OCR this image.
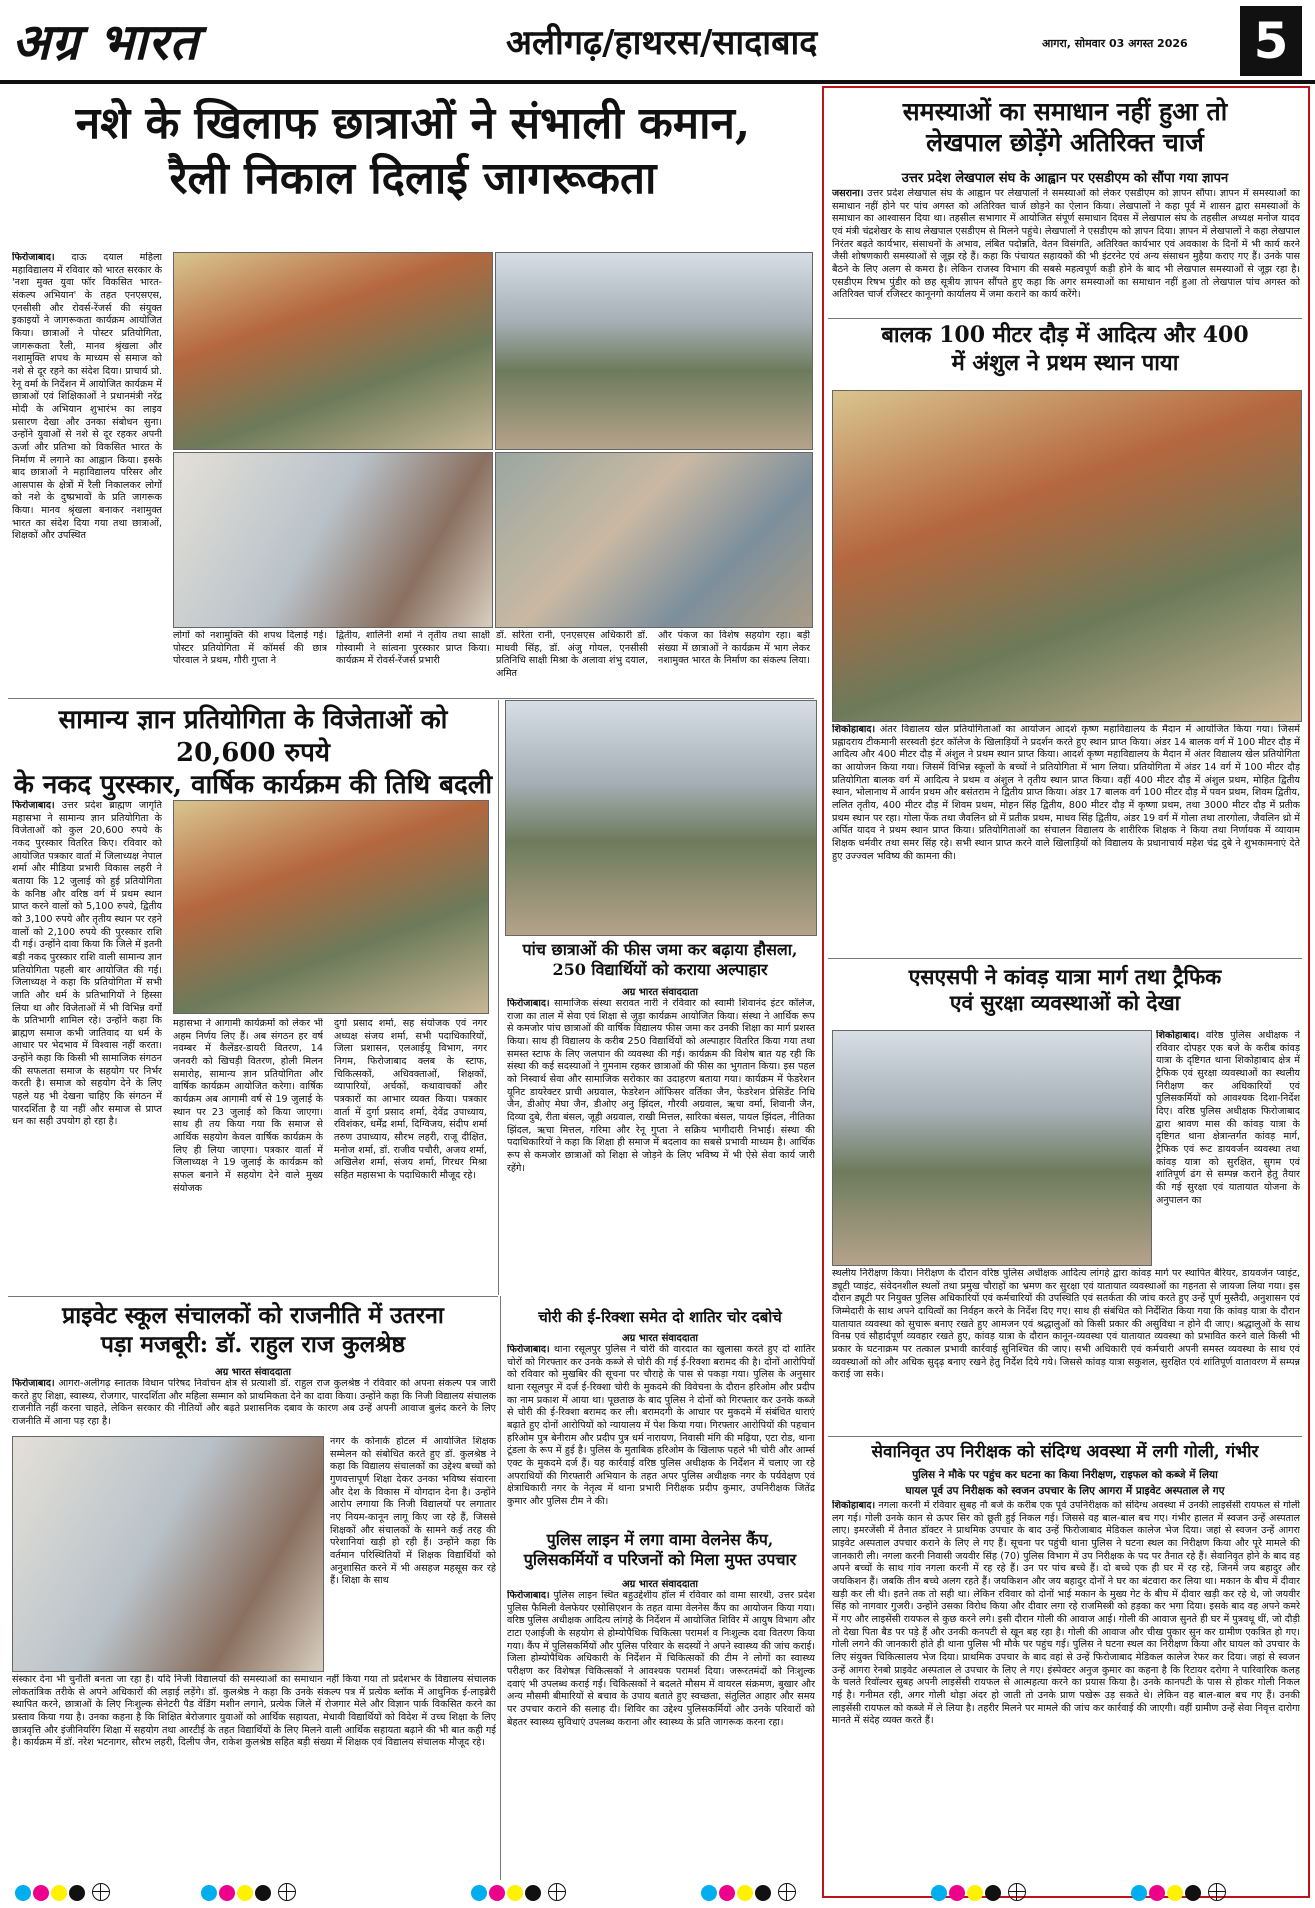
अग्र भारत	अलीगढ़/हाथरस/सादाबाद	आगरा, सोमवार 03 अगस्त 2026 5
नशे के खिलाफ छात्राओं ने संभाली कमान,
रैली निकाल दिलाई जागरूकता
फिरोजाबाद। दाऊ दयाल महिला महाविद्यालय में रविवार को भारत सरकार के 'नशा मुक्त युवा फॉर विकसित भारत-संकल्प अभियान' के तहत एनएसएस, एनसीसी और रोवर्स-रेंजर्स की संयुक्त इकाइयों ने जागरूकता कार्यक्रम आयोजित किया। छात्राओं ने पोस्टर प्रतियोगिता, जागरूकता रैली, मानव श्रृंखला और नशामुक्ति शपथ के माध्यम से समाज को नशे से दूर रहने का संदेश दिया। प्राचार्य प्रो. रेनू वर्मा के निर्देशन में आयोजित कार्यक्रम में छात्राओं एवं शिक्षिकाओं ने प्रधानमंत्री नरेंद्र मोदी के अभियान शुभारंभ का लाइव प्रसारण देखा और उनका संबोधन सुना। उन्होंने युवाओं से नशे से दूर रहकर अपनी ऊर्जा और प्रतिभा को विकसित भारत के निर्माण में लगाने का आह्वान किया। इसके बाद छात्राओं ने महाविद्यालय परिसर और आसपास के क्षेत्रों में रैली निकालकर लोगों को नशे के दुष्प्रभावों के प्रति जागरूक किया। मानव श्रृंखला बनाकर नशामुक्त भारत का संदेश दिया गया तथा छात्राओं, शिक्षकों और उपस्थित
लोगों को नशामुक्ति की शपथ दिलाई गई। पोस्टर प्रतियोगिता में कॉमर्स की छात्र पोरवाल ने प्रथम, गौरी गुप्ता ने
द्वितीय, शालिनी शर्मा ने तृतीय तथा साक्षी गोस्वामी ने सांत्वना पुरस्कार प्राप्त किया। कार्यक्रम में रोवर्स-रेंजर्स प्रभारी
डॉ. सरिता रानी, एनएसएस अधिकारी डॉ. माधवी सिंह, डॉ. अंजु गोयल, एनसीसी प्रतिनिधि साक्षी मिश्रा के अलावा शंभु दयाल, अमित
और पंकज का विशेष सहयोग रहा। बड़ी संख्या में छात्राओं ने कार्यक्रम में भाग लेकर नशामुक्त भारत के निर्माण का संकल्प लिया।
सामान्य ज्ञान प्रतियोगिता के विजेताओं को 20,600 रुपये
के नकद पुरस्कार, वार्षिक कार्यक्रम की तिथि बदली
फिरोजाबाद। उत्तर प्रदेश ब्राह्मण जागृति महासभा ने सामान्य ज्ञान प्रतियोगिता के विजेताओं को कुल 20,600 रुपये के नकद पुरस्कार वितरित किए। रविवार को आयोजित पत्रकार वार्ता में जिलाध्यक्ष नेपाल शर्मा और मीडिया प्रभारी विकास लहरी ने बताया कि 12 जुलाई को हुई प्रतियोगिता के कनिष्ठ और वरिष्ठ वर्ग में प्रथम स्थान प्राप्त करने वालों को 5,100 रुपये, द्वितीय को 3,100 रुपये और तृतीय स्थान पर रहने वालों को 2,100 रुपये की पुरस्कार राशि दी गई। उन्होंने दावा किया कि जिले में इतनी बड़ी नकद पुरस्कार राशि वाली सामान्य ज्ञान प्रतियोगिता पहली बार आयोजित की गई। जिलाध्यक्ष ने कहा कि प्रतियोगिता में सभी जाति और धर्म के प्रतिभागियों ने हिस्सा लिया था और विजेताओं में भी विभिन्न वर्गों के प्रतिभागी शामिल रहे। उन्होंने कहा कि ब्राह्मण समाज कभी जातिवाद या धर्म के आधार पर भेदभाव में विश्वास नहीं करता। उन्होंने कहा कि किसी भी सामाजिक संगठन की सफलता समाज के सहयोग पर निर्भर करती है। समाज को सहयोग देने के लिए पहले यह भी देखना चाहिए कि संगठन में पारदर्शिता है या नहीं और समाज से प्राप्त धन का सही उपयोग हो रहा है।
महासभा ने आगामी कार्यक्रमों को लेकर भी अहम निर्णय लिए हैं। अब संगठन हर वर्ष नवम्बर में कैलेंडर-डायरी वितरण, 14 जनवरी को खिचड़ी वितरण, होली मिलन समारोह, सामान्य ज्ञान प्रतियोगिता और वार्षिक कार्यक्रम आयोजित करेगा। वार्षिक कार्यक्रम अब आगामी वर्ष से 19 जुलाई के स्थान पर 23 जुलाई को किया जाएगा। साथ ही तय किया गया कि समाज से आर्थिक सहयोग केवल वार्षिक कार्यक्रम के लिए ही लिया जाएगा। पत्रकार वार्ता में जिलाध्यक्ष ने 19 जुलाई के कार्यक्रम को सफल बनाने में सहयोग देने वाले मुख्य संयोजक
दुर्गा प्रसाद शर्मा, सह संयोजक एवं नगर अध्यक्ष संजय शर्मा, सभी पदाधिकारियों, जिला प्रशासन, एलआईयू विभाग, नगर निगम, फिरोजाबाद क्लब के स्टाफ, चिकित्सकों, अधिवक्ताओं, शिक्षकों, व्यापारियों, अर्चकों, कथावाचकों और पत्रकारों का आभार व्यक्त किया। पत्रकार वार्ता में दुर्गा प्रसाद शर्मा, देवेंद्र उपाध्याय, रविशंकर, धर्मेंद्र शर्मा, दिग्विजय, संदीप शर्मा तरुण उपाध्याय, सौरभ लहरी, राजू दीक्षित, मनोज शर्मा, डॉ. राजीव पचौरी, अजय शर्मा, अखिलेश शर्मा, संजय शर्मा, गिरधर मिश्रा सहित महासभा के पदाधिकारी मौजूद रहे।
पांच छात्राओं की फीस जमा कर बढ़ाया हौसला,
250 विद्यार्थियों को कराया अल्पाहार
अग्र भारत संवाददाता
फिरोजाबाद। सामाजिक संस्था सरावत नारी ने रविवार को स्वामी शिवानंद इंटर कॉलेज, राजा का ताल में सेवा एवं शिक्षा से जुड़ा कार्यक्रम आयोजित किया। संस्था ने आर्थिक रूप से कमजोर पांच छात्राओं की वार्षिक विद्यालय फीस जमा कर उनकी शिक्षा का मार्ग प्रशस्त किया। साथ ही विद्यालय के करीब 250 विद्यार्थियों को अल्पाहार वितरित किया गया तथा समस्त स्टाफ के लिए जलपान की व्यवस्था की गई। कार्यक्रम की विशेष बात यह रही कि संस्था की कई सदस्याओं ने गुमनाम रहकर छात्राओं की फीस का भुगतान किया। इस पहल को निस्वार्थ सेवा और सामाजिक सरोकार का उदाहरण बताया गया। कार्यक्रम में फेडरेशन यूनिट डायरेक्टर प्राची अग्रवाल, फेडरेशन ऑफिसर वर्तिका जैन, फेडरेशन प्रेसिडेंट निधि जैन, डीओए मेघा जैन, डीओए अनु झिंदल, गौरवी अग्रवाल, ऋचा वर्मा, शिवानी जैन, दिव्या दुबे, रीता बंसल, जूही अग्रवाल, राखी मित्तल, सारिका बंसल, पायल झिंदल, नीतिका झिंदल, ऋचा मित्तल, गरिमा और रेनू गुप्ता ने सक्रिय भागीदारी निभाई। संस्था की पदाधिकारियों ने कहा कि शिक्षा ही समाज में बदलाव का सबसे प्रभावी माध्यम है। आर्थिक रूप से कमजोर छात्राओं को शिक्षा से जोड़ने के लिए भविष्य में भी ऐसे सेवा कार्य जारी रहेंगे।
चोरी की ई-रिक्शा समेत दो शातिर चोर दबोचे
अग्र भारत संवाददाता
फिरोजाबाद। थाना रसूलपुर पुलिस ने चोरी की वारदात का खुलासा करते हुए दो शातिर चोरों को गिरफ्तार कर उनके कब्जे से चोरी की गई ई-रिक्शा बरामद की है। दोनों आरोपियों को रविवार को मुखबिर की सूचना पर चौराहे के पास से पकड़ा गया। पुलिस के अनुसार थाना रसूलपुर में दर्ज ई-रिक्शा चोरी के मुकदमे की विवेचना के दौरान हरिओम और प्रदीप का नाम प्रकाश में आया था। पूछताछ के बाद पुलिस ने दोनों को गिरफ्तार कर उनके कब्जे से चोरी की ई-रिक्शा बरामद कर ली। बरामदगी के आधार पर मुकदमे में संबंधित धाराएं बढ़ाते हुए दोनों आरोपियों को न्यायालय में पेश किया गया। गिरफ्तार आरोपियों की पहचान हरिओम पुत्र बेनीराम और प्रदीप पुत्र धर्म नारायण, निवासी मंगि की मढ़िया, एटा रोड, थाना टूंडला के रूप में हुई है। पुलिस के मुताबिक हरिओम के खिलाफ पहले भी चोरी और आर्म्स एक्ट के मुकदमे दर्ज हैं। यह कार्रवाई वरिष्ठ पुलिस अधीक्षक के निर्देशन में चलाए जा रहे अपराधियों की गिरफ्तारी अभियान के तहत अपर पुलिस अधीक्षक नगर के पर्यवेक्षण एवं क्षेत्राधिकारी नगर के नेतृत्व में थाना प्रभारी निरीक्षक प्रदीप कुमार, उपनिरीक्षक जितेंद्र कुमार और पुलिस टीम ने की।
पुलिस लाइन में लगा वामा वेलनेस कैंप,
पुलिसकर्मियों व परिजनों को मिला मुफ्त उपचार
अग्र भारत संवाददाता
फिरोजाबाद। पुलिस लाइन स्थित बहुउद्देशीय हॉल में रविवार को वामा सारथी, उत्तर प्रदेश पुलिस फैमिली वेलफेयर एसोसिएशन के तहत वामा वेलनेस कैंप का आयोजन किया गया। वरिष्ठ पुलिस अधीक्षक आदित्य लांगहे के निर्देशन में आयोजित शिविर में आयुष विभाग और टाटा एआईजी के सहयोग से होम्योपैथिक चिकित्सा परामर्श व निःशुल्क दवा वितरण किया गया। कैंप में पुलिसकर्मियों और पुलिस परिवार के सदस्यों ने अपने स्वास्थ्य की जांच कराई। जिला होम्योपैथिक अधिकारी के निर्देशन में चिकित्सकों की टीम ने लोगों का स्वास्थ्य परीक्षण कर विशेषज्ञ चिकित्सकों ने आवश्यक परामर्श दिया। जरूरतमंदों को निःशुल्क दवाएं भी उपलब्ध कराई गईं। चिकित्सकों ने बदलते मौसम में वायरल संक्रमण, बुखार और अन्य मौसमी बीमारियों से बचाव के उपाय बताते हुए स्वच्छता, संतुलित आहार और समय पर उपचार कराने की सलाह दी। शिविर का उद्देश्य पुलिसकर्मियों और उनके परिवारों को बेहतर स्वास्थ्य सुविधाएं उपलब्ध कराना और स्वास्थ्य के प्रति जागरूक करना रहा।
प्राइवेट स्कूल संचालकों को राजनीति में उतरना
पड़ा मजबूरी: डॉ. राहुल राज कुलश्रेष्ठ
अग्र भारत संवाददाता
फिरोजाबाद। आगरा-अलीगढ़ स्नातक विधान परिषद निर्वाचन क्षेत्र से प्रत्याशी डॉ. राहुल राज कुलश्रेष्ठ ने रविवार को अपना संकल्प पत्र जारी करते हुए शिक्षा, स्वास्थ्य, रोजगार, पारदर्शिता और महिला सम्मान को प्राथमिकता देने का दावा किया। उन्होंने कहा कि निजी विद्यालय संचालक राजनीति नहीं करना चाहते, लेकिन सरकार की नीतियों और बढ़ते प्रशासनिक दबाव के कारण अब उन्हें अपनी आवाज बुलंद करने के लिए राजनीति में आना पड़ रहा है।
नगर के कोनार्क होटल में आयोजित शिक्षक सम्मेलन को संबोधित करते हुए डॉ. कुलश्रेष्ठ ने कहा कि विद्यालय संचालकों का उद्देश्य बच्चों को गुणवत्तापूर्ण शिक्षा देकर उनका भविष्य संवारना और देश के विकास में योगदान देना है। उन्होंने आरोप लगाया कि निजी विद्यालयों पर लगातार नए नियम-कानून लागू किए जा रहे हैं, जिससे शिक्षकों और संचालकों के सामने कई तरह की परेशानियां खड़ी हो रही हैं। उन्होंने कहा कि वर्तमान परिस्थितियों में शिक्षक विद्यार्थियों को अनुशासित करने में भी असहज महसूस कर रहे हैं। शिक्षा के साथ
संस्कार देना भी चुनौती बनता जा रहा है। यदि निजी विद्यालयों की समस्याओं का समाधान नहीं किया गया तो प्रदेशभर के विद्यालय संचालक लोकतांत्रिक तरीके से अपने अधिकारों की लड़ाई लड़ेंगे। डॉ. कुलश्रेष्ठ ने कहा कि उनके संकल्प पत्र में प्रत्येक ब्लॉक में आधुनिक ई-लाइब्रेरी स्थापित करने, छात्राओं के लिए निःशुल्क सेनेटरी पैड वेंडिंग मशीन लगाने, प्रत्येक जिले में रोजगार मेले और विज्ञान पार्क विकसित करने का प्रस्ताव किया गया है। उनका कहना है कि शिक्षित बेरोजगार युवाओं को आर्थिक सहायता, मेधावी विद्यार्थियों को विदेश में उच्च शिक्षा के लिए छात्रवृत्ति और इंजीनियरिंग शिक्षा में सहयोग तथा आरटीई के तहत विद्यार्थियों के लिए मिलने वाली आर्थिक सहायता बढ़ाने की भी बात कही गई है। कार्यक्रम में डॉ. नरेश भटनागर, सौरभ लहरी, दिलीप जैन, राकेश कुलश्रेष्ठ सहित बड़ी संख्या में शिक्षक एवं विद्यालय संचालक मौजूद रहे।
समस्याओं का समाधान नहीं हुआ तो
लेखपाल छोड़ेंगे अतिरिक्त चार्ज
उत्तर प्रदेश लेखपाल संघ के आह्वान पर एसडीएम को सौंपा गया ज्ञापन
जसराना। उत्तर प्रदेश लेखपाल संघ के आह्वान पर लेखपालों ने समस्याओं को लेकर एसडीएम को ज्ञापन सौंपा। ज्ञापन में समस्याओं का समाधान नहीं होने पर पांच अगस्त को अतिरिक्त चार्ज छोड़ने का ऐलान किया। लेखपालों ने कहा पूर्व में शासन द्वारा समस्याओं के समाधान का आश्वासन दिया था। तहसील सभागार में आयोजित संपूर्ण समाधान दिवस में लेखपाल संघ के तहसील अध्यक्ष मनोज यादव एवं मंत्री चंद्रशेखर के साथ लेखपाल एसडीएम से मिलने पहुंचे। लेखपालों ने एसडीएम को ज्ञापन दिया। ज्ञापन में लेखपालों ने कहा लेखपाल निरंतर बढ़ते कार्यभार, संसाधनों के अभाव, लंबित पदोन्नति, वेतन विसंगति, अतिरिक्त कार्यभार एवं अवकाश के दिनों में भी कार्य करने जैसी शोषणकारी समस्याओं से जूझ रहे हैं। कहा कि पंचायत सहायकों की भी इंटरनेट एवं अन्य संसाधन मुहैया कराए गए हैं। उनके पास बैठने के लिए अलग से कमरा है। लेकिन राजस्व विभाग की सबसे महत्वपूर्ण कड़ी होने के बाद भी लेखपाल समस्याओं से जूझ रहा है। एसडीएम रिषभ पुंडीर को छह सूत्रीय ज्ञापन सौंपते हुए कहा कि अगर समस्याओं का समाधान नहीं हुआ तो लेखपाल पांच अगस्त को अतिरिक्त चार्ज रजिस्टर कानूनगो कार्यालय में जमा कराने का कार्य करेंगे।
बालक 100 मीटर दौड़ में आदित्य और 400
में अंशुल ने प्रथम स्थान पाया
शिकोहाबाद। अंतर विद्यालय खेल प्रतियोगिताओं का आयोजन आदर्श कृष्ण महाविद्यालय के मैदान में आयोजित किया गया। जिसमें प्रह्लादराय टीकमानी सरस्वती इंटर कॉलेज के खिलाड़ियों ने प्रदर्शन करते हुए स्थान प्राप्त किया। अंडर 14 बालक वर्ग में 100 मीटर दौड़ में आदित्य और 400 मीटर दौड़ में अंशुल ने प्रथम स्थान प्राप्त किया। आदर्श कृष्ण महाविद्यालय के मैदान में अंतर विद्यालय खेल प्रतियोगिता का आयोजन किया गया। जिसमें विभिन्न स्कूलों के बच्चों ने प्रतियोगिता में भाग लिया। प्रतियोगिता में अंडर 14 वर्ग में 100 मीटर दौड़ प्रतियोगिता बालक वर्ग में आदित्य ने प्रथम व अंशुल ने तृतीय स्थान प्राप्त किया। वहीं 400 मीटर दौड़ में अंशुल प्रथम, मोहित द्वितीय स्थान, भोलानाथ में आर्यन प्रथम और बसंतराम ने द्वितीय प्राप्त किया। अंडर 17 बालक वर्ग 100 मीटर दौड़ में पवन प्रथम, शिवम द्वितीय, ललित तृतीय, 400 मीटर दौड़ में शिवम प्रथम, मोहन सिंह द्वितीय, 800 मीटर दौड़ में कृष्णा प्रथम, तथा 3000 मीटर दौड़ में प्रतीक प्रथम स्थान पर रहा। गोला फेंक तथा जैवलिन थ्रो में प्रतीक प्रथम, माधव सिंह द्वितीय, अंडर 19 वर्ग में गोला तथा तारगोला, जैवलिन थ्रो में अर्पित यादव ने प्रथम स्थान प्राप्त किया। प्रतियोगिताओं का संचालन विद्यालय के शारीरिक शिक्षक ने किया तथा निर्णायक में व्यायाम शिक्षक धर्मवीर तथा समर सिंह रहे। सभी स्थान प्राप्त करने वाले खिलाड़ियों को विद्यालय के प्रधानाचार्य महेश चंद्र दुबे ने शुभकामनाएं देते हुए उज्ज्वल भविष्य की कामना की।
एसएसपी ने कांवड़ यात्रा मार्ग तथा ट्रैफिक
एवं सुरक्षा व्यवस्थाओं को देखा
शिकोहाबाद। वरिष्ठ पुलिस अधीक्षक ने रविवार दोपहर एक बजे के करीब कांवड़ यात्रा के दृष्टिगत थाना शिकोहाबाद क्षेत्र में ट्रैफिक एवं सुरक्षा व्यवस्थाओं का स्थलीय निरीक्षण कर अधिकारियों एवं पुलिसकर्मियों को आवश्यक दिशा-निर्देश दिए। वरिष्ठ पुलिस अधीक्षक फिरोजाबाद द्वारा श्रावण मास की कांवड़ यात्रा के दृष्टिगत थाना क्षेत्रान्तर्गत कांवड़ मार्ग, ट्रैफिक एवं रूट डायवर्जन व्यवस्था तथा कांवड़ यात्रा को सुरक्षित, सुगम एवं शांतिपूर्ण ढंग से सम्पन्न कराने हेतु तैयार की गई सुरक्षा एवं यातायात योजना के अनुपालन का
स्थलीय निरीक्षण किया। निरीक्षण के दौरान वरिष्ठ पुलिस अधीक्षक आदित्य लांगहे द्वारा कांवड़ मार्ग पर स्थापित बैरियर, डायवर्जन प्वाइंट, ड्यूटी प्वाइंट, संवेदनशील स्थलों तथा प्रमुख चौराहों का भ्रमण कर सुरक्षा एवं यातायात व्यवस्थाओं का गहनता से जायजा लिया गया। इस दौरान ड्यूटी पर नियुक्त पुलिस अधिकारियों एवं कर्मचारियों की उपस्थिति एवं सतर्कता की जांच करते हुए उन्हें पूर्ण मुस्तैदी, अनुशासन एवं जिम्मेदारी के साथ अपने दायित्वों का निर्वहन करने के निर्देश दिए गए। साथ ही संबंधित को निर्देशित किया गया कि कांवड़ यात्रा के दौरान यातायात व्यवस्था को सुचारू बनाए रखते हुए आमजन एवं श्रद्धालुओं को किसी प्रकार की असुविधा न होने दी जाए। श्रद्धालुओं के साथ विनम्र एवं सौहार्दपूर्ण व्यवहार रखते हुए, कांवड़ यात्रा के दौरान कानून-व्यवस्था एवं यातायात व्यवस्था को प्रभावित करने वाले किसी भी प्रकार के घटनाक्रम पर तत्काल प्रभावी कार्रवाई सुनिश्चित की जाए। सभी अधिकारी एवं कर्मचारी अपनी समस्त व्यवस्था के साथ एवं व्यवस्थाओं को और अधिक सुदृढ़ बनाए रखने हेतु निर्देश दिये गये। जिससे कांवड़ यात्रा सकुशल, सुरक्षित एवं शांतिपूर्ण वातावरण में सम्पन्न कराई जा सके।
सेवानिवृत उप निरीक्षक को संदिग्ध अवस्था में लगी गोली, गंभीर
पुलिस ने मौके पर पहुंच कर घटना का किया निरीक्षण, राइफल को कब्जे में लिया
घायल पूर्व उप निरीक्षक को स्वजन उपचार के लिए आगरा में प्राइवेट अस्पताल ले गए
शिकोहाबाद। नगला करनी में रविवार सुबह नौ बजे के करीब एक पूर्व उपनिरीक्षक को संदिग्ध अवस्था में उनकी लाइसेंसी रायफल से गोली लग गई। गोली उनके कान से ऊपर सिर को छूती हुई निकल गई। जिससे वह बाल-बाल बच गए। गंभीर हालत में स्वजन उन्हें अस्पताल लाए। इमरजेंसी में तैनात डॉक्टर ने प्राथमिक उपचार के बाद उन्हें फिरोजाबाद मेडिकल कालेज भेज दिया। जहां से स्वजन उन्हें आगरा प्राइवेट अस्पताल उपचार कराने के लिए ले गए हैं। सूचना पर पहुंची थाना पुलिस ने घटना स्थल का निरीक्षण किया और पूरे मामले की जानकारी ली। नगला करनी निवासी जयवीर सिंह (70) पुलिस विभाग में उप निरीक्षक के पद पर तैनात रहे हैं। सेवानिवृत होने के बाद वह अपने बच्चों के साथ गांव नगला करनी में रह रहे हैं। उन पर पांच बच्चे हैं। दो बच्चे एक ही घर में रह रहे, जिनमें जय बहादुर और जयकिशन हैं। जबकि तीन बच्चे अलग रहते हैं। जयकिशन और जय बहादुर दोनों ने घर का बंटवारा कर लिया था। मकान के बीच में दीवार खड़ी कर ली थी। इतने तक तो सही था। लेकिन रविवार को दोनों भाई मकान के मुख्य गेट के बीच में दीवार खड़ी कर रहे थे, जो जयवीर सिंह को नागवार गुजरी। उन्होंने उसका विरोध किया और दीवार लगा रहे राजमिस्त्री को हड़का कर भगा दिया। इसके बाद वह अपने कमरे में गए और लाइसेंसी रायफल से कुछ करने लगे। इसी दौरान गोली की आवाज आई। गोली की आवाज सुनते ही घर में पुत्रवधू थीं, जो दौड़ी तो देखा पिता बैड पर पड़े हैं और उनकी कनपटी से खून बह रहा है। गोली की आवाज और चीख पुकार सुन कर ग्रामीण एकत्रित हो गए। गोली लगने की जानकारी होते ही थाना पुलिस भी मौके पर पहुंच गई। पुलिस ने घटना स्थल का निरीक्षण किया और घायल को उपचार के लिए संयुक्त चिकित्सालय भेज दिया। प्राथमिक उपचार के बाद वहां से उन्हें फिरोजाबाद मेडिकल कालेज रेफर कर दिया। जहां से स्वजन उन्हें आगरा रेनबो प्राइवेट अस्पताल ले उपचार के लिए ले गए। इंस्पेक्टर अनुज कुमार का कहना है कि रिटायर दरोगा ने पारिवारिक कलह के चलते रिवॉल्वर सुबह अपनी लाइसेंसी रायफल से आत्महत्या करने का प्रयास किया है। उनके कानपटी के पास से होकर गोली निकल गई है। गनीमत रही, अगर गोली थोड़ा अंदर हो जाती तो उनके प्राण पखेरू उड़ सकते थे। लेकिन वह बाल-बाल बच गए हैं। उनकी लाइसेंसी रायफल को कब्जे में ले लिया है। तहरीर मिलने पर मामले की जांच कर कार्रवाई की जाएगी। वहीं ग्रामीण उन्हें सेवा निवृत्त दारोगा मानते में संदेह व्यक्त करते हैं।
